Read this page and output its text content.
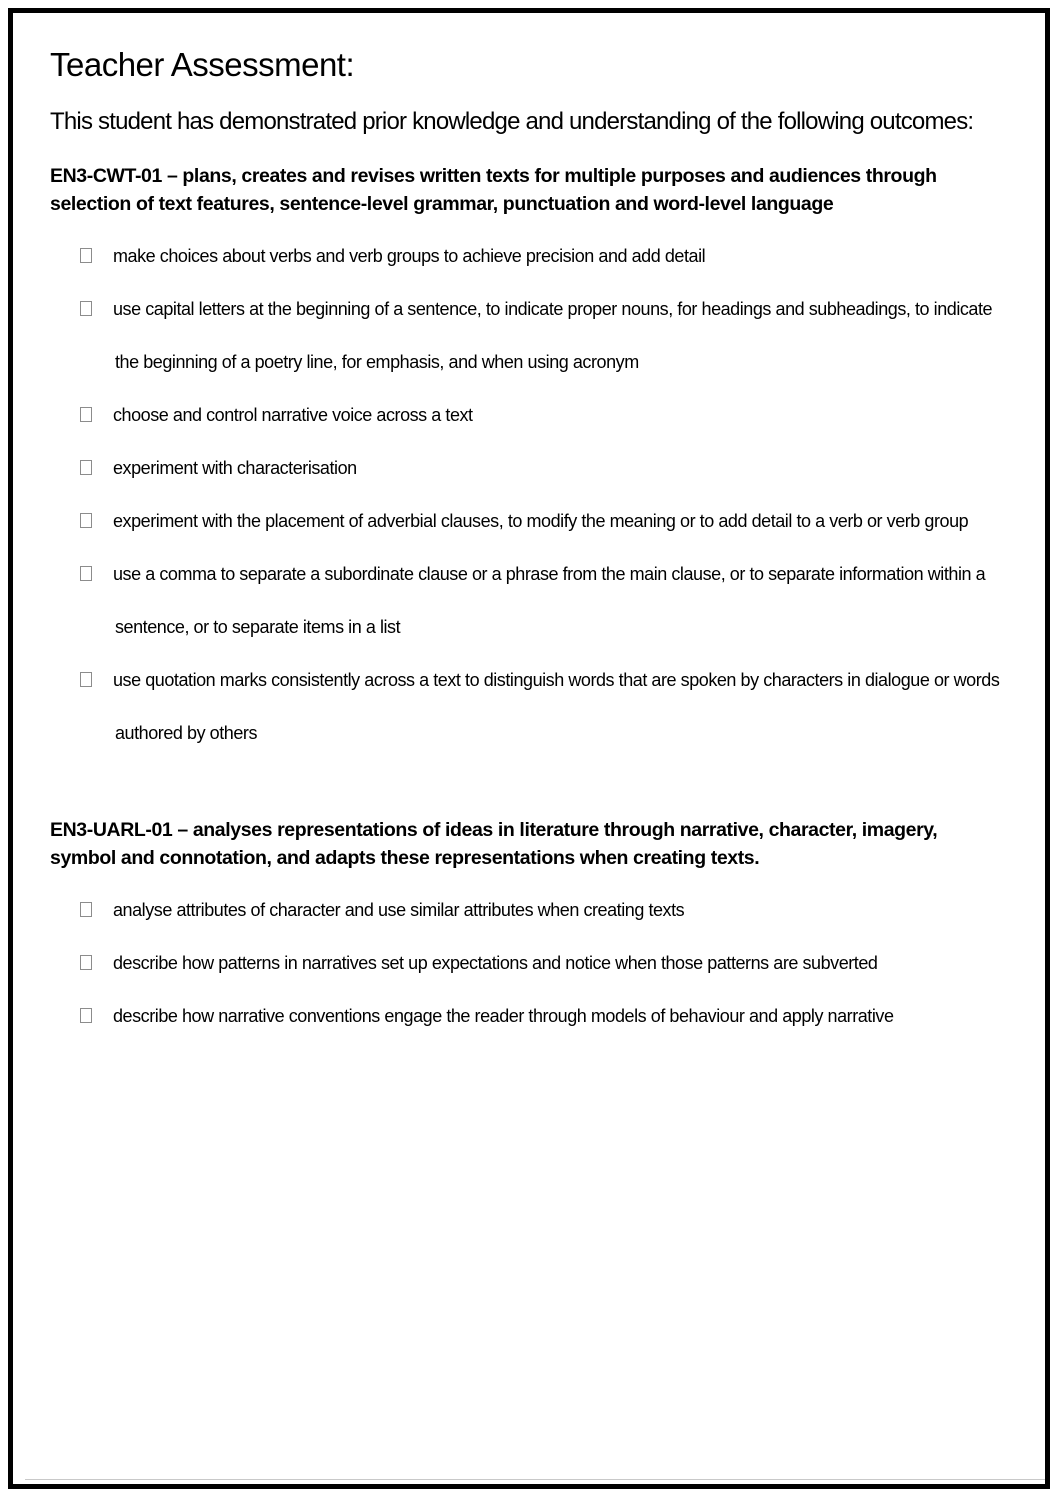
Teacher Assessment:
This student has demonstrated prior knowledge and understanding of the following outcomes:
EN3-CWT-01 – plans, creates and revises written texts for multiple purposes and audiences through selection of text features, sentence-level grammar, punctuation and word-level language
make choices about verbs and verb groups to achieve precision and add detail
use capital letters at the beginning of a sentence, to indicate proper nouns, for headings and subheadings, to indicate the beginning of a poetry line, for emphasis, and when using acronym
choose and control narrative voice across a text
experiment with characterisation
experiment with the placement of adverbial clauses, to modify the meaning or to add detail to a verb or verb group
use a comma to separate a subordinate clause or a phrase from the main clause, or to separate information within a sentence, or to separate items in a list
use quotation marks consistently across a text to distinguish words that are spoken by characters in dialogue or words authored by others
EN3-UARL-01 – analyses representations of ideas in literature through narrative, character, imagery, symbol and connotation, and adapts these representations when creating texts.
analyse attributes of character and use similar attributes when creating texts
describe how patterns in narratives set up expectations and notice when those patterns are subverted
describe how narrative conventions engage the reader through models of behaviour and apply narrative
